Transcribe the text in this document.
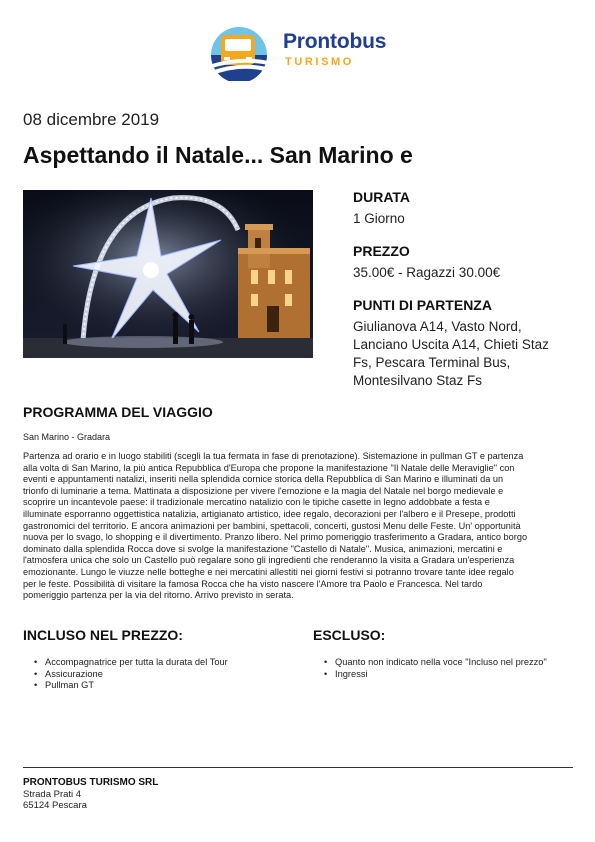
Prontobus
TURISMO
08 dicembre 2019
Aspettando il Natale... San Marino e

DURATA

1 Giorno

PREZZO

35.00€ - Ragazzi 30.00€

PUNTI DI PARTENZA

Giulianova A14, Vasto Nord,
Lanciano Uscita A14, Chieti Staz
Fs, Pescara Terminal Bus,
Montesilvano Staz Fs

PROGRAMMA DEL VIAGGIO
San Marino - Gradara

Partenza ad orario e in luogo stabiliti (scegli la tua fermata in fase di prenotazione). Sistemazione in pullman GT e partenza
alla volta di San Marino, la più antica Repubblica d'Europa che propone la manifestazione "Il Natale delle Meraviglie" con
eventi e appuntamenti natalizi, inseriti nella splendida cornice storica della Repubblica di San Marino e illuminati da un
trionfo di luminarie a tema. Mattinata a disposizione per vivere l'emozione e la magia del Natale nel borgo medievale e
scoprire un incantevole paese: il tradizionale mercatino natalizio con le tipiche casette in legno addobbate a festa e
illuminate esporranno oggettistica natalizia, artigianato artistico, idee regalo, decorazioni per l'albero e il Presepe, prodotti
gastronomici del territorio. E ancora animazioni per bambini, spettacoli, concerti, gustosi Menu delle Feste. Un' opportunità
nuova per lo svago, lo shopping e il divertimento. Pranzo libero. Nel primo pomeriggio trasferimento a Gradara, antico borgo
dominato dalla splendida Rocca dove si svolge la manifestazione "Castello di Natale". Musica, animazioni, mercatini e
l'atmosfera unica che solo un Castello può regalare sono gli ingredienti che renderanno la visita a Gradara un'esperienza
emozionante. Lungo le viuzze nelle botteghe e nei mercatini allestiti nei giorni festivi si potranno trovare tante idee regalo
per le feste. Possibilità di visitare la famosa Rocca che ha visto nascere l'Amore tra Paolo e Francesca. Nel tardo
pomeriggio partenza per la via del ritorno. Arrivo previsto in serata.

INCLUSO NEL PREZZO:
• Accompagnatrice per tutta la durata del Tour
• Assicurazione
• Pullman GT
ESCLUSO:
• Quanto non indicato nella voce "Incluso nel prezzo"
• Ingressi
PRONTOBUS TURISMO SRL
Strada Prati 4
65124 Pescara
